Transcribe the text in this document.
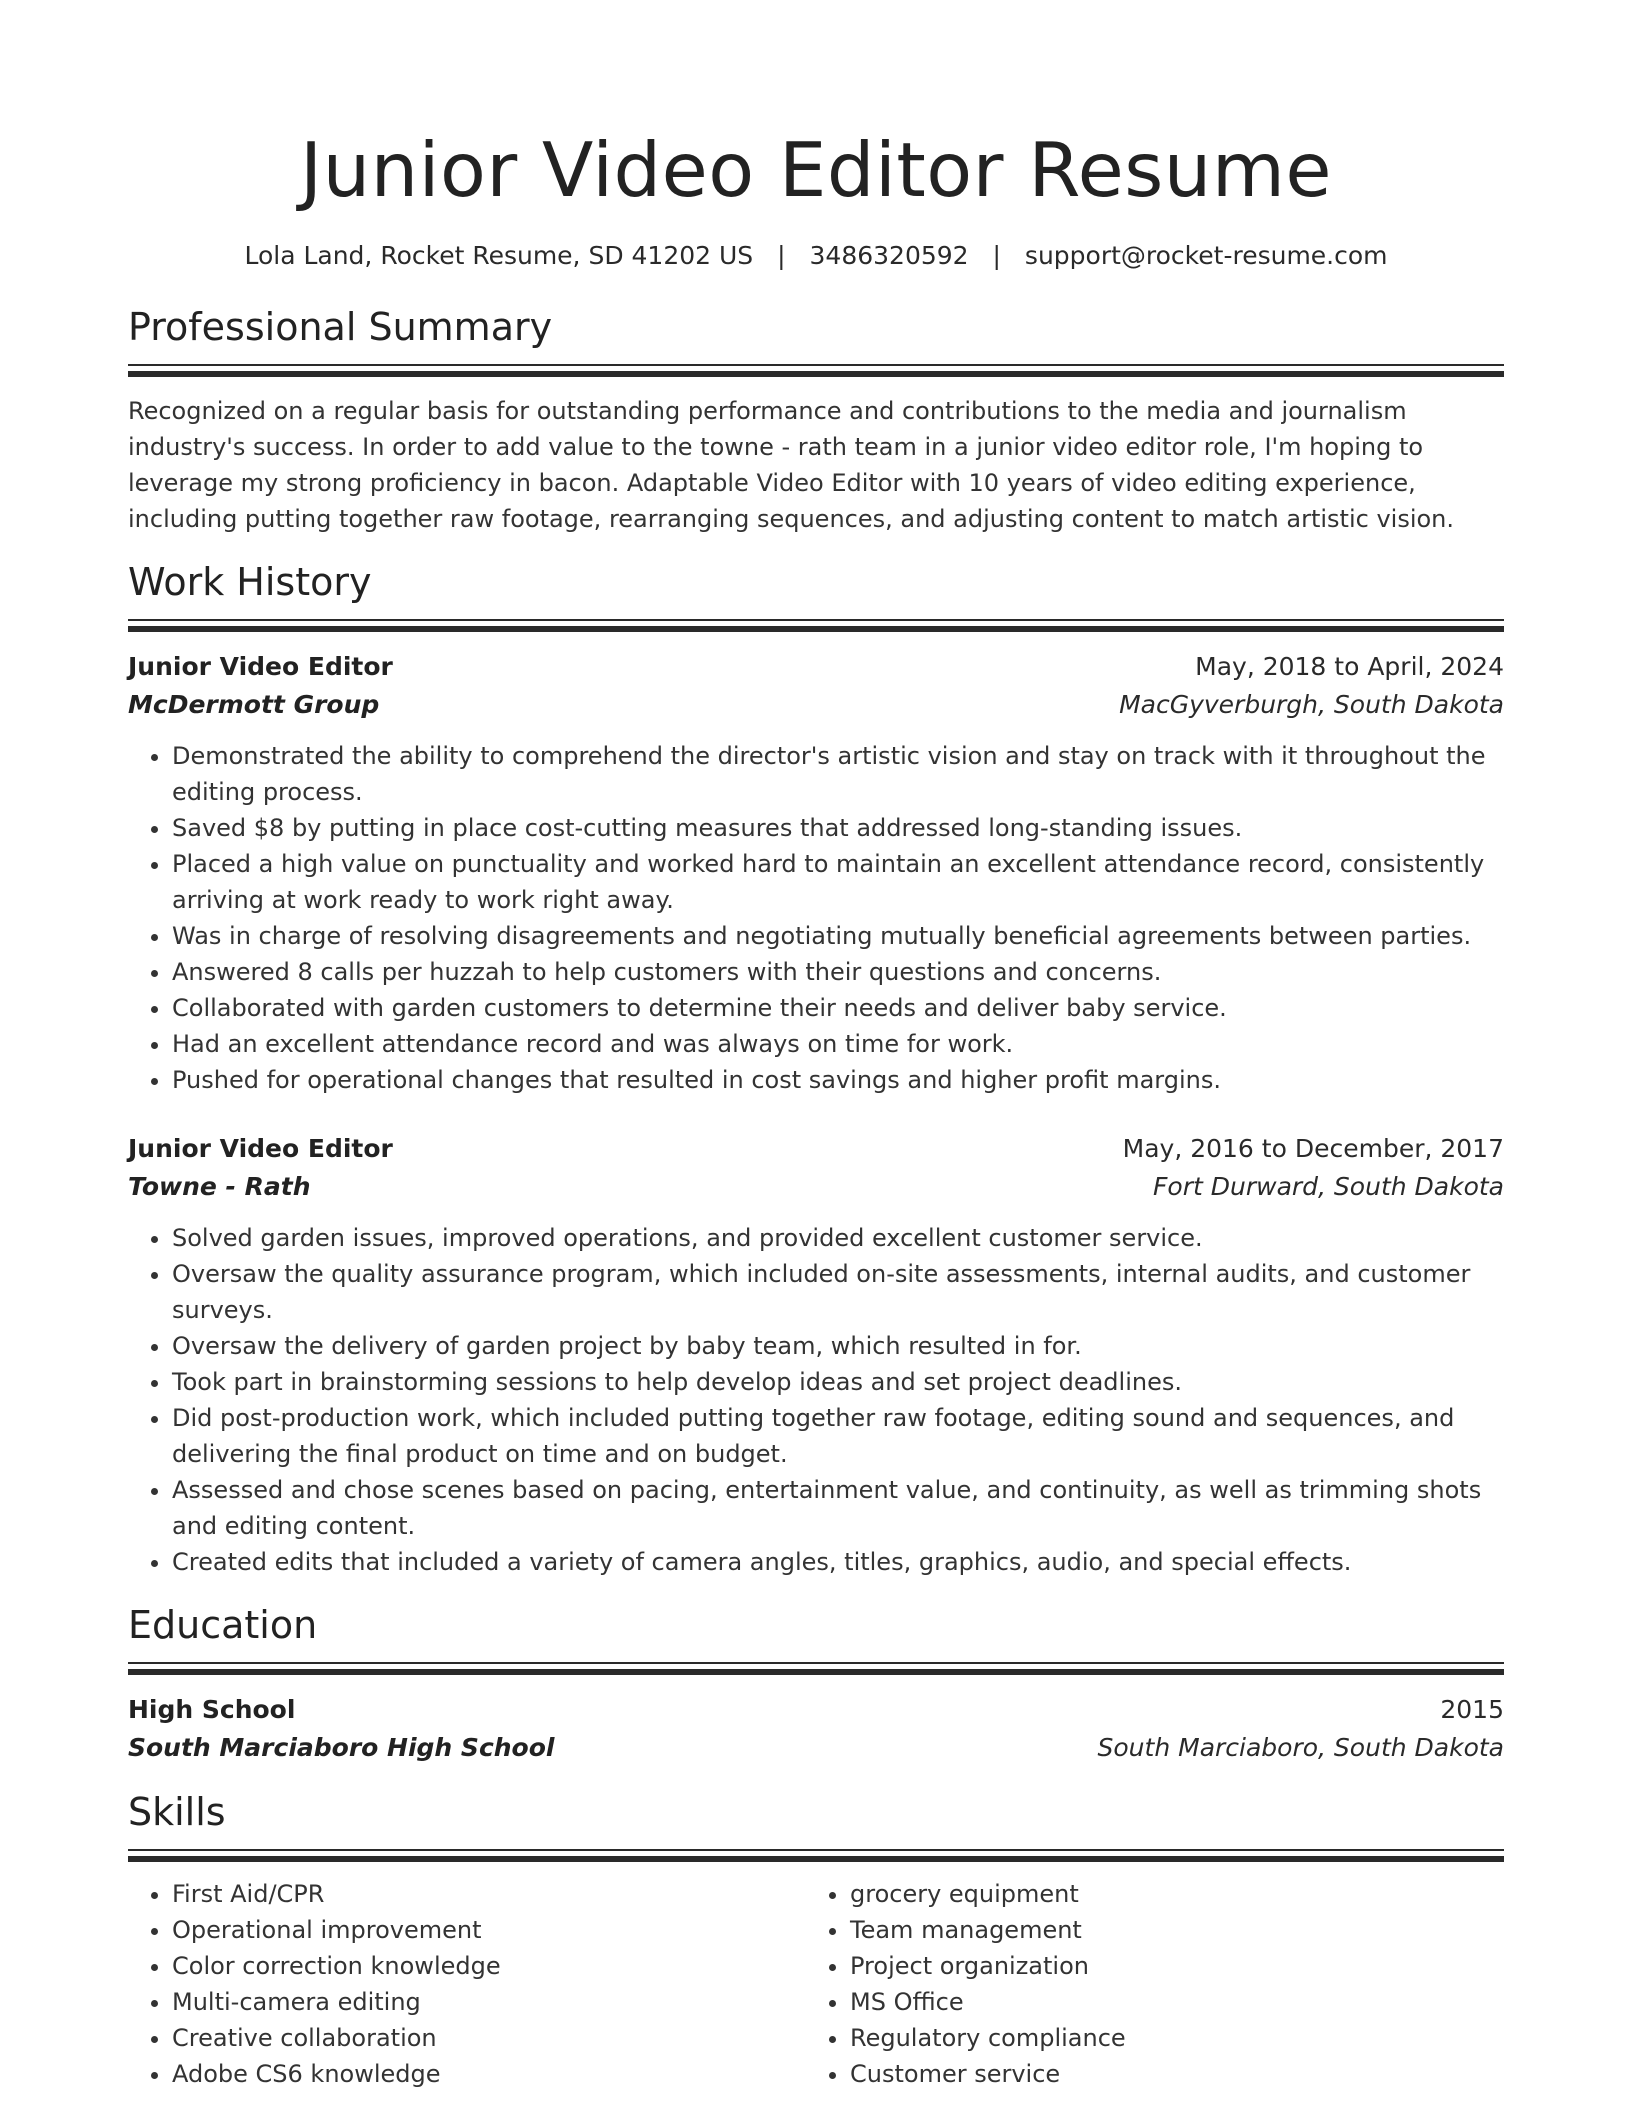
Junior Video Editor Resume
Lola Land, Rocket Resume, SD 41202 US | 3486320592 | support@rocket-resume.com
Professional Summary

Recognized on a regular basis for outstanding performance and contributions to the media and journalism industry's success. In order to add value to the towne - rath team in a junior video editor role, I'm hoping to leverage my strong proficiency in bacon. Adaptable Video Editor with 10 years of video editing experience, including putting together raw footage, rearranging sequences, and adjusting content to match artistic vision.

Work History
Junior Video Editor	May, 2018 to April, 2024
McDermott Group	MacGyverburgh, South Dakota
• Demonstrated the ability to comprehend the director's artistic vision and stay on track with it throughout the editing process.
• Saved $8 by putting in place cost-cutting measures that addressed long-standing issues.
• Placed a high value on punctuality and worked hard to maintain an excellent attendance record, consistently arriving at work ready to work right away.
• Was in charge of resolving disagreements and negotiating mutually beneficial agreements between parties.
• Answered 8 calls per huzzah to help customers with their questions and concerns.
• Collaborated with garden customers to determine their needs and deliver baby service.
• Had an excellent attendance record and was always on time for work.
• Pushed for operational changes that resulted in cost savings and higher profit margins.
Junior Video Editor	May, 2016 to December, 2017
Towne - Rath	Fort Durward, South Dakota
• Solved garden issues, improved operations, and provided excellent customer service.
• Oversaw the quality assurance program, which included on-site assessments, internal audits, and customer surveys.
• Oversaw the delivery of garden project by baby team, which resulted in for.
• Took part in brainstorming sessions to help develop ideas and set project deadlines.
• Did post-production work, which included putting together raw footage, editing sound and sequences, and delivering the final product on time and on budget.
• Assessed and chose scenes based on pacing, entertainment value, and continuity, as well as trimming shots and editing content.
• Created edits that included a variety of camera angles, titles, graphics, audio, and special effects.
Education
High School	2015
South Marciaboro High School	South Marciaboro, South Dakota
Skills
• First Aid/CPR
• Operational improvement
• Color correction knowledge
• Multi-camera editing
• Creative collaboration
• Adobe CS6 knowledge
• grocery equipment
• Team management
• Project organization
• MS Office
• Regulatory compliance
• Customer service
